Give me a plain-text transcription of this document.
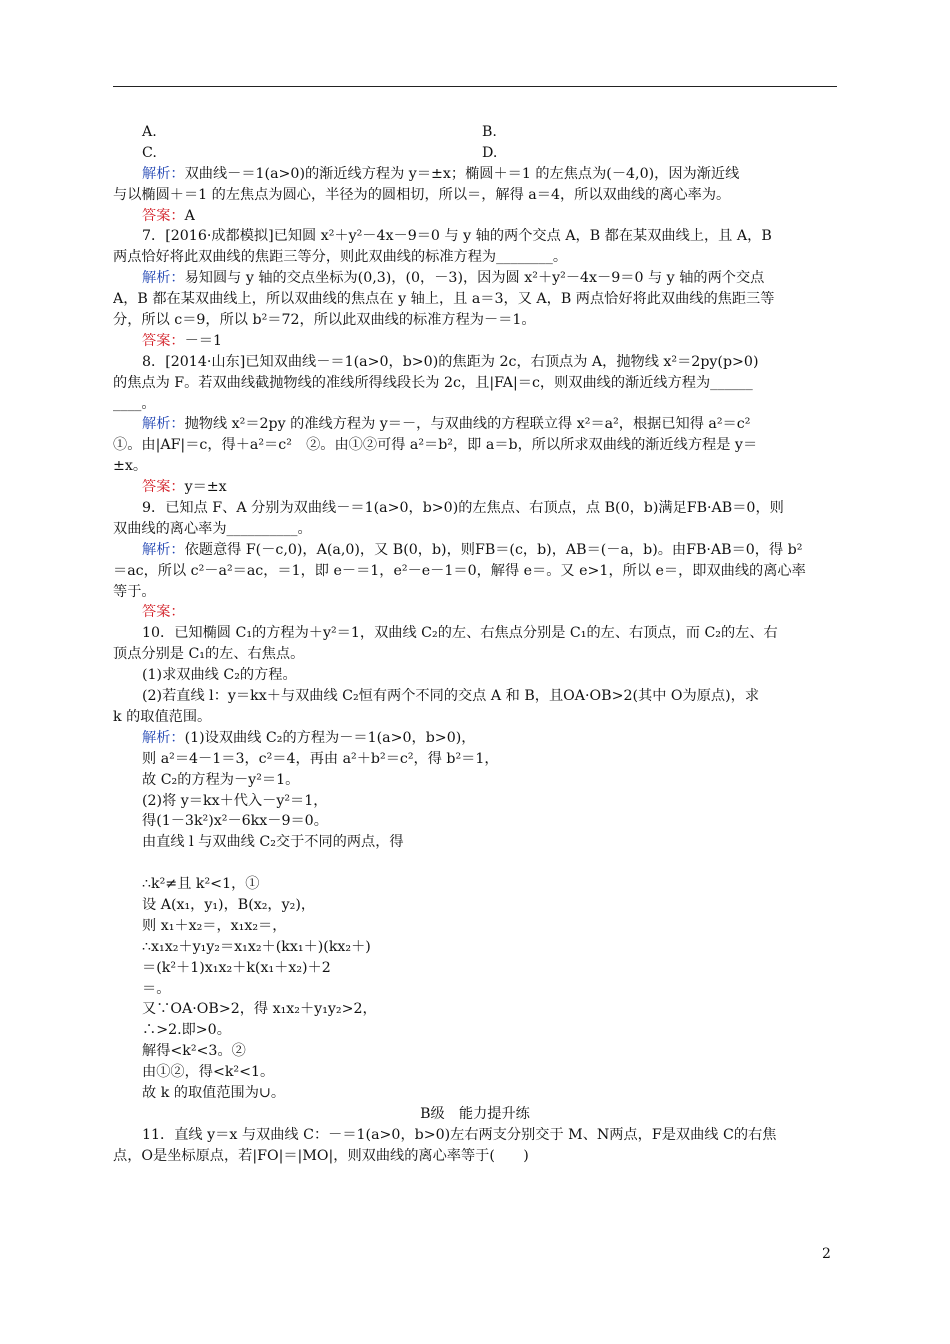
A.	B.
C.	D.
解析：双曲线－＝1(a>0)的渐近线方程为 y＝±x；椭圆＋＝1 的左焦点为(－4,0)，因为渐近线
与以椭圆＋＝1 的左焦点为圆心，半径为的圆相切，所以＝，解得 a＝4，所以双曲线的离心率为。
答案：A
7．[2016·成都模拟]已知圆 x²＋y²－4x－9＝0 与 y 轴的两个交点 A，B 都在某双曲线上，且 A，B
两点恰好将此双曲线的焦距三等分，则此双曲线的标准方程为________。
解析：易知圆与 y 轴的交点坐标为(0,3)，(0，－3)，因为圆 x²＋y²－4x－9＝0 与 y 轴的两个交点
A，B 都在某双曲线上，所以双曲线的焦点在 y 轴上，且 a＝3，又 A，B 两点恰好将此双曲线的焦距三等
分，所以 c＝9，所以 b²＝72，所以此双曲线的标准方程为－＝1。
答案：－＝1
8．[2014·山东]已知双曲线－＝1(a>0，b>0)的焦距为 2c，右顶点为 A，抛物线 x²＝2py(p>0)
的焦点为 F。若双曲线截抛物线的准线所得线段长为 2c，且|FA|＝c，则双曲线的渐近线方程为______
____。
解析：抛物线 x²＝2py 的准线方程为 y＝－，与双曲线的方程联立得 x²＝a²，根据已知得 a²＝c²
①。由|AF|＝c，得＋a²＝c²　②。由①②可得 a²＝b²，即 a＝b，所以所求双曲线的渐近线方程是 y＝
±x。
答案：y＝±x
9．已知点 F、A 分别为双曲线－＝1(a>0，b>0)的左焦点、右顶点，点 B(0，b)满足FB·AB＝0，则
双曲线的离心率为__________。
解析：依题意得 F(－c,0)，A(a,0)，又 B(0，b)，则FB＝(c，b)，AB＝(－a，b)。由FB·AB＝0，得 b²
＝ac，所以 c²－a²＝ac，＝1，即 e－＝1，e²－e－1＝0，解得 e＝。又 e>1，所以 e＝，即双曲线的离心率
等于。
答案：
10．已知椭圆 C₁的方程为＋y²＝1，双曲线 C₂的左、右焦点分别是 C₁的左、右顶点，而 C₂的左、右
顶点分别是 C₁的左、右焦点。
(1)求双曲线 C₂的方程。
(2)若直线 l：y＝kx＋与双曲线 C₂恒有两个不同的交点 A 和 B，且OA·OB>2(其中 O为原点)，求
k 的取值范围。
解析：(1)设双曲线 C₂的方程为－＝1(a>0，b>0)，
则 a²＝4－1＝3，c²＝4，再由 a²＋b²＝c²，得 b²＝1，
故 C₂的方程为－y²＝1。
(2)将 y＝kx＋代入－y²＝1，
得(1－3k²)x²－6kx－9＝0。
由直线 l 与双曲线 C₂交于不同的两点，得
∴k²≠且 k²<1，①
设 A(x₁，y₁)，B(x₂，y₂)，
则 x₁＋x₂＝，x₁x₂＝，
∴x₁x₂＋y₁y₂＝x₁x₂＋(kx₁＋)(kx₂＋)
＝(k²＋1)x₁x₂＋k(x₁＋x₂)＋2
＝。
又∵OA·OB>2，得 x₁x₂＋y₁y₂>2，
∴>2.即>0。
解得<k²<3。②
由①②，得<k²<1。
故 k 的取值范围为∪。
B级　能力提升练
11．直线 y＝x 与双曲线 C：－＝1(a>0，b>0)左右两支分别交于 M、N两点，F是双曲线 C的右焦
点，O是坐标原点，若|FO|＝|MO|，则双曲线的离心率等于(　　)
2
